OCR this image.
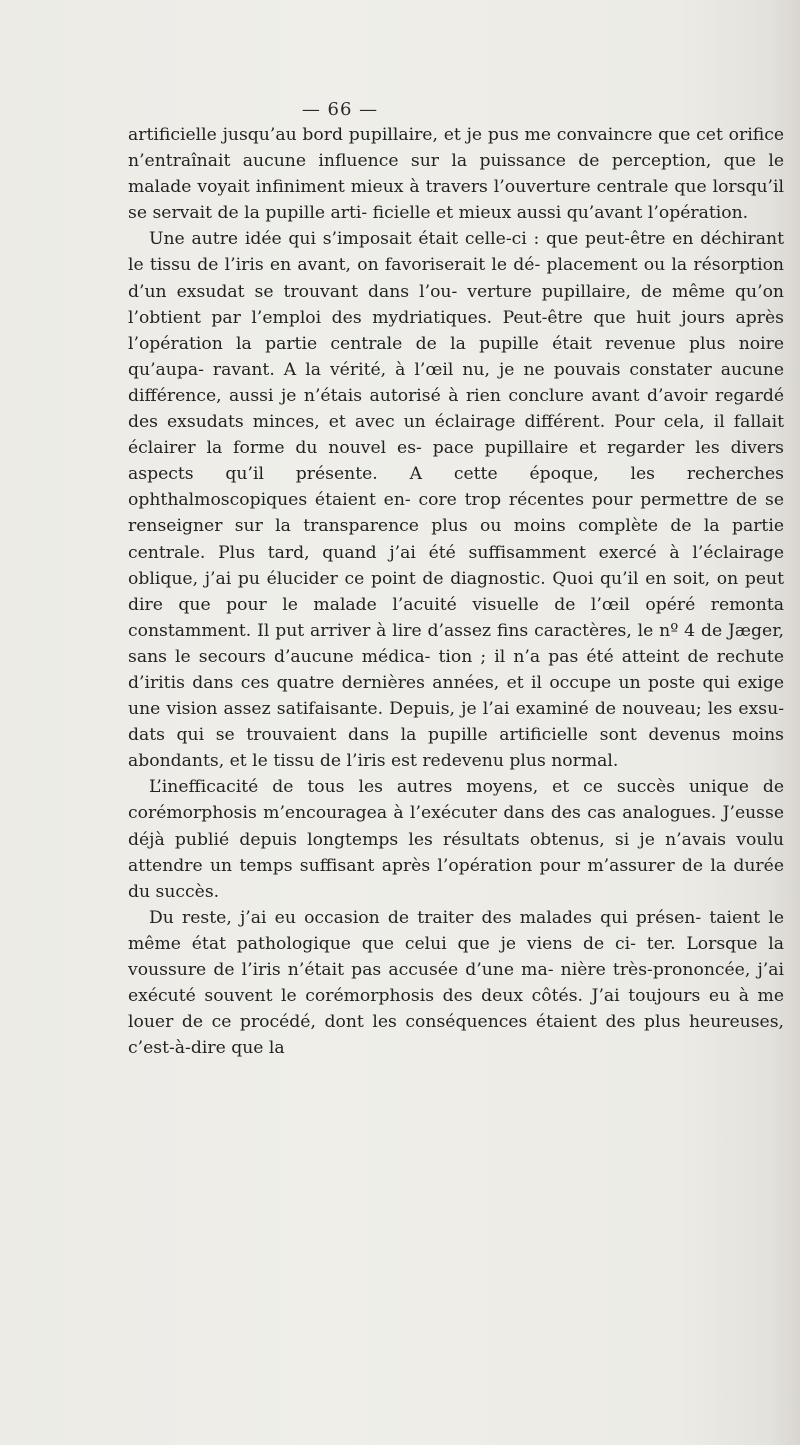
— 66 —

artificielle jusqu’au bord pupillaire, et je pus me convaincre que cet orifice n’entraînait aucune influence sur la puissance de perception, que le malade voyait infiniment mieux à travers l’ouverture centrale que lorsqu’il se servait de la pupille arti- ficielle et mieux aussi qu’avant l’opération.

Une autre idée qui s’imposait était celle-ci : que peut-être en déchirant le tissu de l’iris en avant, on favoriserait le dé- placement ou la résorption d’un exsudat se trouvant dans l’ou- verture pupillaire, de même qu’on l’obtient par l’emploi des mydriatiques. Peut-être que huit jours après l’opération la partie centrale de la pupille était revenue plus noire qu’aupa- ravant. A la vérité, à l’œil nu, je ne pouvais constater aucune différence, aussi je n’étais autorisé à rien conclure avant d’avoir regardé des exsudats minces, et avec un éclairage différent. Pour cela, il fallait éclairer la forme du nouvel es- pace pupillaire et regarder les divers aspects qu’il présente. A cette époque, les recherches ophthalmoscopiques étaient en- core trop récentes pour permettre de se renseigner sur la transparence plus ou moins complète de la partie centrale. Plus tard, quand j’ai été suffisamment exercé à l’éclairage oblique, j’ai pu élucider ce point de diagnostic. Quoi qu’il en soit, on peut dire que pour le malade l’acuité visuelle de l’œil opéré remonta constamment. Il put arriver à lire d’assez fins caractères, le nº 4 de Jæger, sans le secours d’aucune médica- tion ; il n’a pas été atteint de rechute d’iritis dans ces quatre dernières années, et il occupe un poste qui exige une vision assez satifaisante. Depuis, je l’ai examiné de nouveau; les exsu- dats qui se trouvaient dans la pupille artificielle sont devenus moins abondants, et le tissu de l’iris est redevenu plus normal.

L’inefficacité de tous les autres moyens, et ce succès unique de corémorphosis m’encouragea à l’exécuter dans des cas analogues. J’eusse déjà publié depuis longtemps les résultats obtenus, si je n’avais voulu attendre un temps suffisant après l’opération pour m’assurer de la durée du succès.

Du reste, j’ai eu occasion de traiter des malades qui présen- taient le même état pathologique que celui que je viens de ci- ter. Lorsque la voussure de l’iris n’était pas accusée d’une ma- nière très-prononcée, j’ai exécuté souvent le corémorphosis des deux côtés. J’ai toujours eu à me louer de ce procédé, dont les conséquences étaient des plus heureuses, c’est-à-dire que la
